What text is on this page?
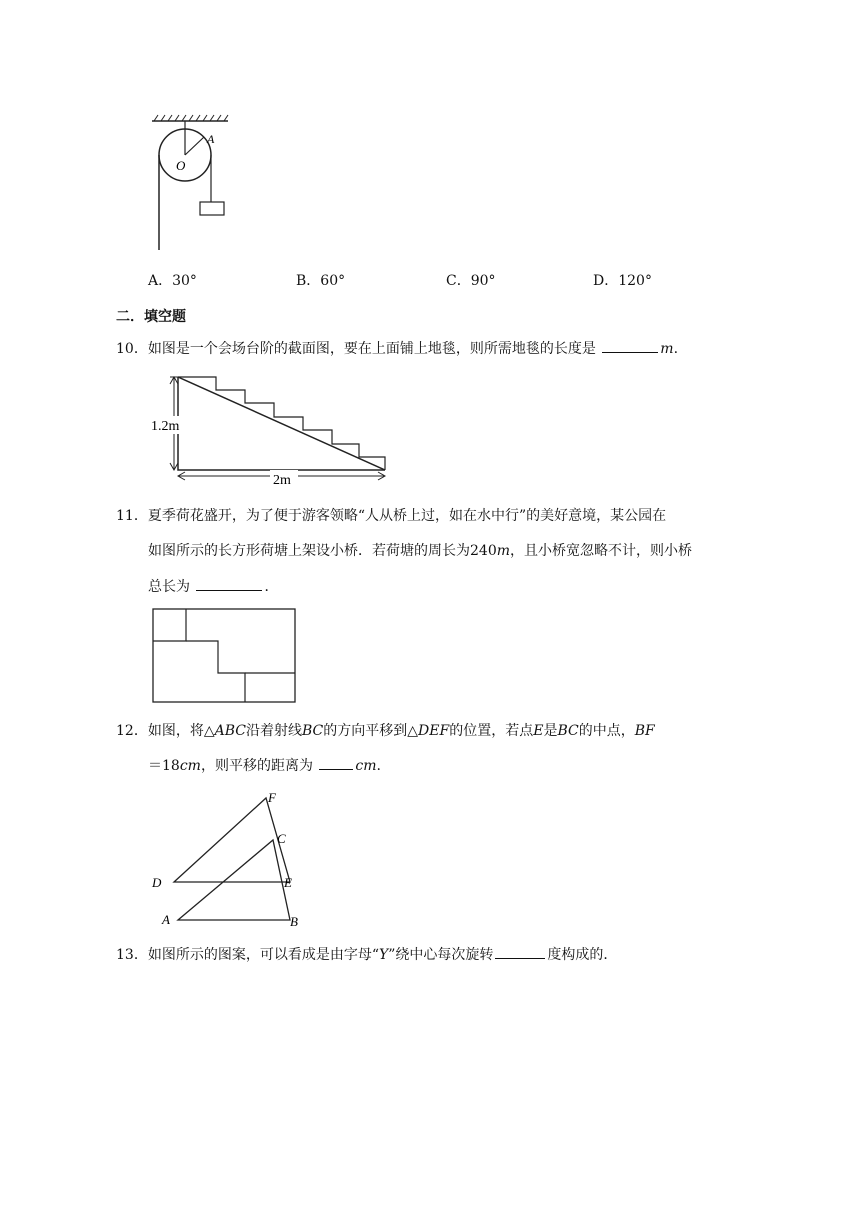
O
A
A．30°	B．60°	C．90°	D．120°
二．填空题
10．如图是一个会场台阶的截面图，要在上面铺上地毯，则所需地毯的长度是	m.
1.2m
2m
11．夏季荷花盛开，为了便于游客领略“人从桥上过，如在水中行”的美好意境，某公园在
如图所示的长方形荷塘上架设小桥．若荷塘的周长为240m，且小桥宽忽略不计，则小桥
总长为	．
12．如图，将△ABC沿着射线BC的方向平移到△DEF的位置，若点E是BC的中点，BF
＝18cm，则平移的距离为	cm.
F
C
D	E
A	B
13．如图所示的图案，可以看成是由字母“Y”绕中心每次旋转	度构成的．
